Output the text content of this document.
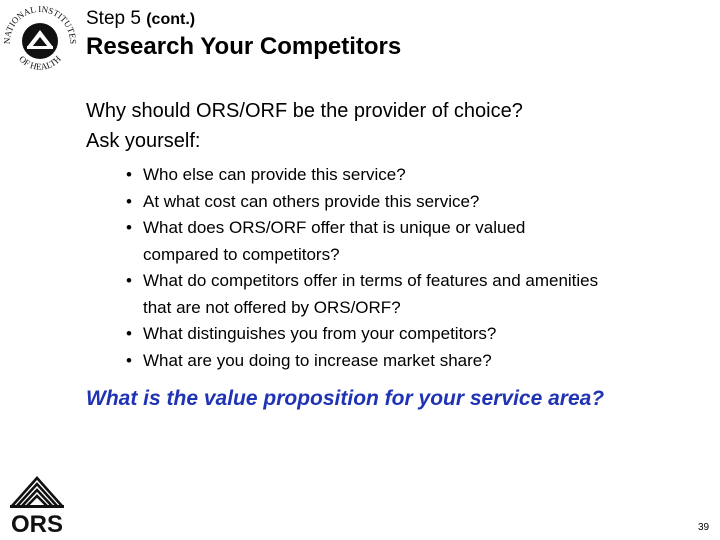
NATIONAL INSTITUTES
OF HEALTH
Step 5 (cont.)
Research Your Competitors
Why should ORS/ORF be the provider of choice?
Ask yourself:
• Who else can provide this service?
• At what cost can others provide this service?
• What does ORS/ORF offer that is unique or valued
compared to competitors?
• What do competitors offer in terms of features and amenities
that are not offered by ORS/ORF?
• What distinguishes you from your competitors?
• What are you doing to increase market share?
What is the value proposition for your service area?
ORS	39
